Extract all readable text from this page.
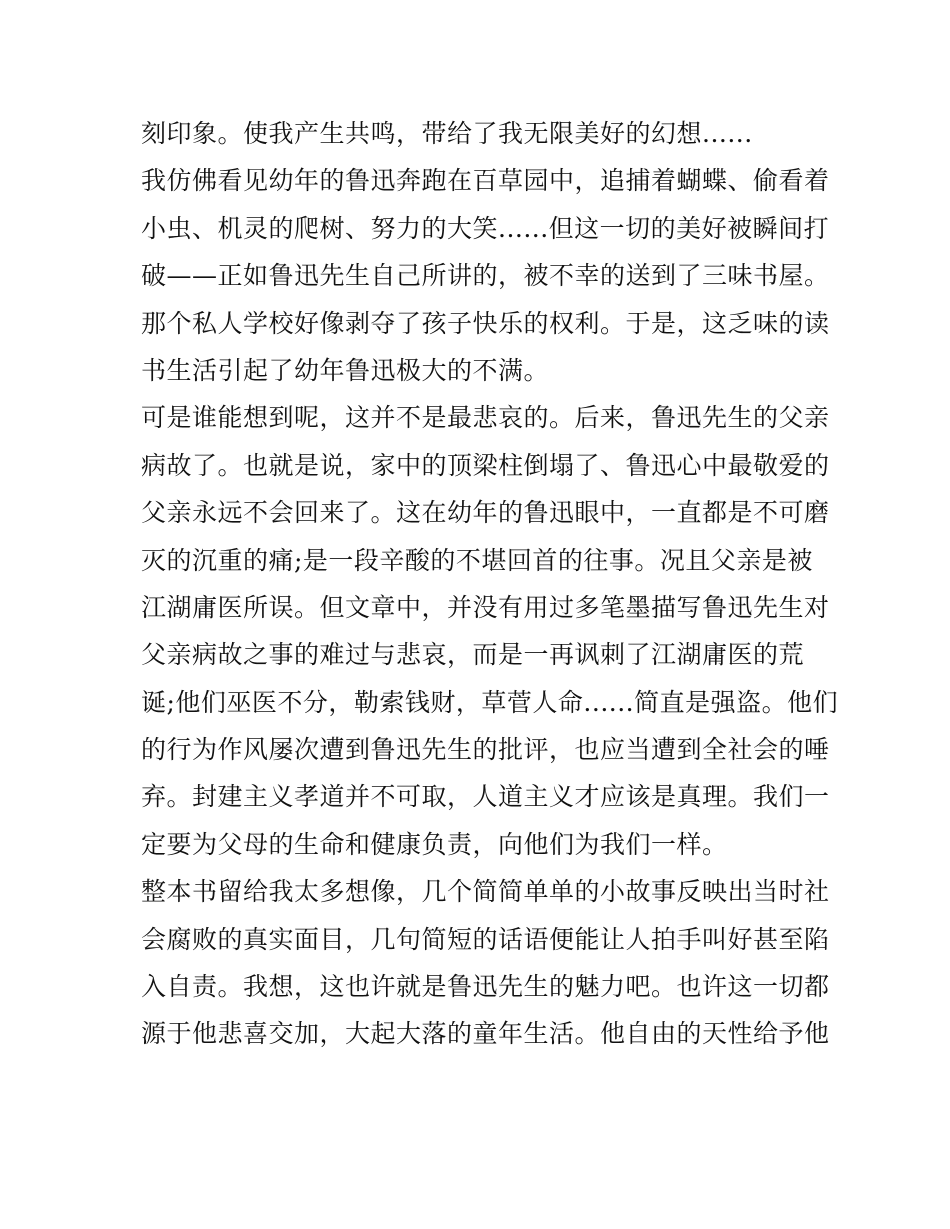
刻印象。使我产生共鸣，带给了我无限美好的幻想......
我仿佛看见幼年的鲁迅奔跑在百草园中，追捕着蝴蝶、偷看着
小虫、机灵的爬树、努力的大笑......但这一切的美好被瞬间打
破——正如鲁迅先生自己所讲的，被不幸的送到了三味书屋。
那个私人学校好像剥夺了孩子快乐的权利。于是，这乏味的读
书生活引起了幼年鲁迅极大的不满。
可是谁能想到呢，这并不是最悲哀的。后来，鲁迅先生的父亲
病故了。也就是说，家中的顶梁柱倒塌了、鲁迅心中最敬爱的
父亲永远不会回来了。这在幼年的鲁迅眼中，一直都是不可磨
灭的沉重的痛;是一段辛酸的不堪回首的往事。况且父亲是被
江湖庸医所误。但文章中，并没有用过多笔墨描写鲁迅先生对
父亲病故之事的难过与悲哀，而是一再讽刺了江湖庸医的荒
诞;他们巫医不分，勒索钱财，草菅人命......简直是强盗。他们
的行为作风屡次遭到鲁迅先生的批评，也应当遭到全社会的唾
弃。封建主义孝道并不可取，人道主义才应该是真理。我们一
定要为父母的生命和健康负责，向他们为我们一样。
整本书留给我太多想像，几个简简单单的小故事反映出当时社
会腐败的真实面目，几句简短的话语便能让人拍手叫好甚至陷
入自责。我想，这也许就是鲁迅先生的魅力吧。也许这一切都
源于他悲喜交加，大起大落的童年生活。他自由的天性给予他
